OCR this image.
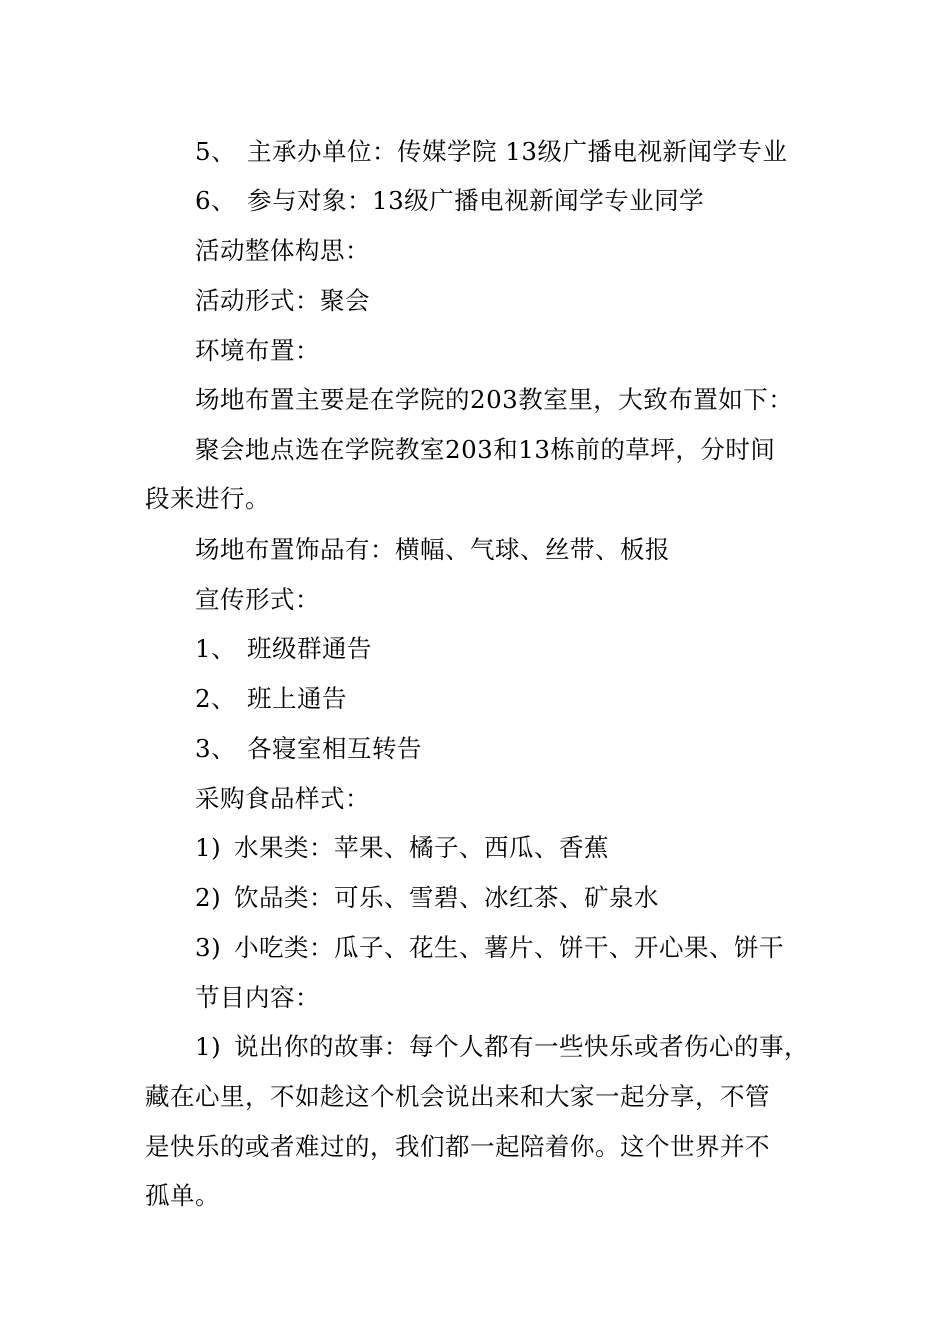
5、 主承办单位：传媒学院 13级广播电视新闻学专业
6、 参与对象：13级广播电视新闻学专业同学
活动整体构思：
活动形式：聚会
环境布置：
场地布置主要是在学院的203教室里，大致布置如下：
聚会地点选在学院教室203和13栋前的草坪，分时间
段来进行。
场地布置饰品有：横幅、气球、丝带、板报
宣传形式：
1、 班级群通告
2、 班上通告
3、 各寝室相互转告
采购食品样式：
1) 水果类：苹果、橘子、西瓜、香蕉
2) 饮品类：可乐、雪碧、冰红茶、矿泉水
3) 小吃类：瓜子、花生、薯片、饼干、开心果、饼干
节目内容：
1) 说出你的故事：每个人都有一些快乐或者伤心的事，
藏在心里，不如趁这个机会说出来和大家一起分享，不管
是快乐的或者难过的，我们都一起陪着你。这个世界并不
孤单。
